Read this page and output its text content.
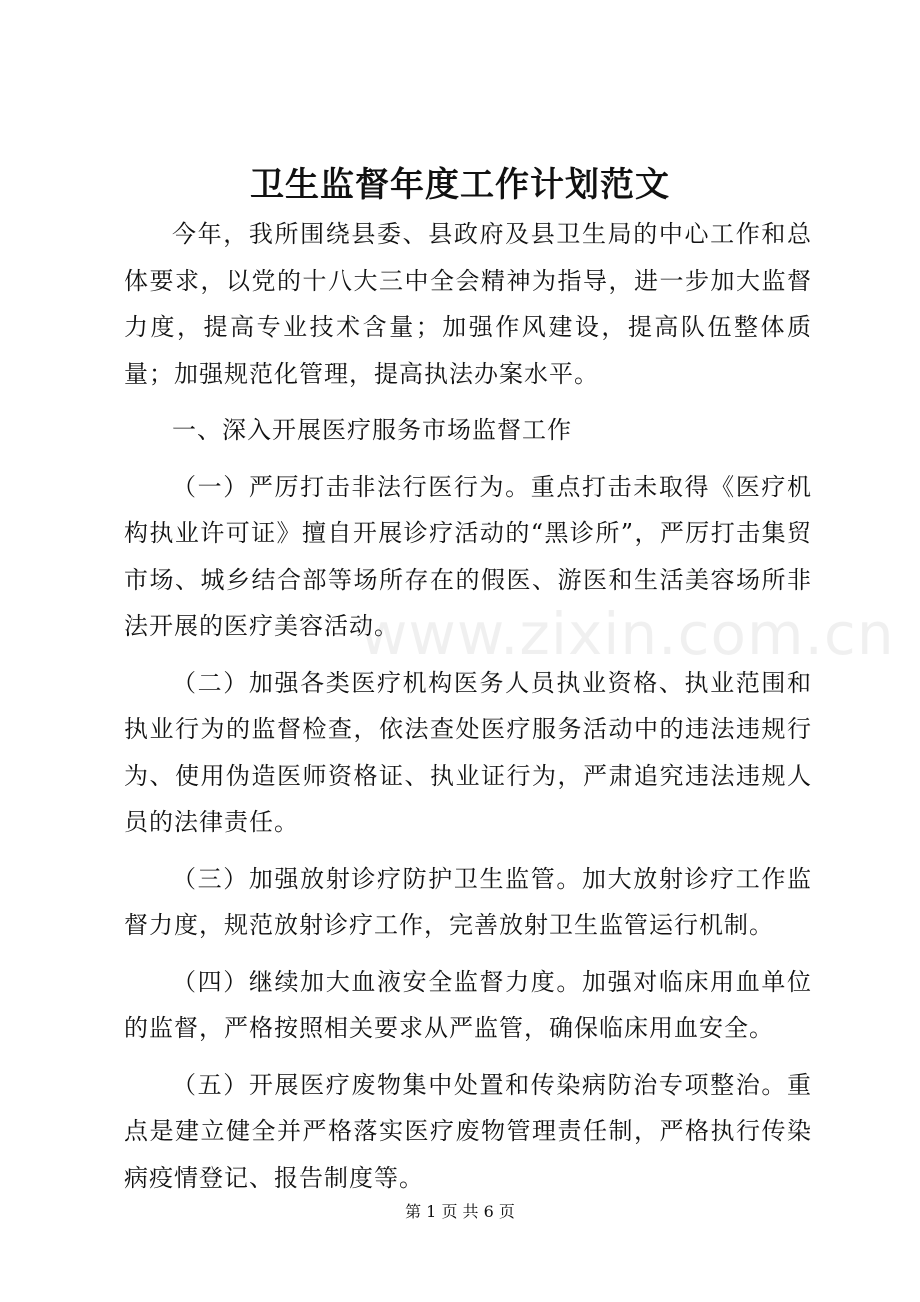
卫生监督年度工作计划范文

今年，我所围绕县委、县政府及县卫生局的中心工作和总体要求，以党的十八大三中全会精神为指导，进一步加大监督力度，提高专业技术含量；加强作风建设，提高队伍整体质量；加强规范化管理，提高执法办案水平。

一、深入开展医疗服务市场监督工作

（一）严厉打击非法行医行为。重点打击未取得《医疗机构执业许可证》擅自开展诊疗活动的“黑诊所”，严厉打击集贸市场、城乡结合部等场所存在的假医、游医和生活美容场所非法开展的医疗美容活动。

（二）加强各类医疗机构医务人员执业资格、执业范围和执业行为的监督检查，依法查处医疗服务活动中的违法违规行为、使用伪造医师资格证、执业证行为，严肃追究违法违规人员的法律责任。

（三）加强放射诊疗防护卫生监管。加大放射诊疗工作监督力度，规范放射诊疗工作，完善放射卫生监管运行机制。

（四）继续加大血液安全监督力度。加强对临床用血单位的监督，严格按照相关要求从严监管，确保临床用血安全。

（五）开展医疗废物集中处置和传染病防治专项整治。重点是建立健全并严格落实医疗废物管理责任制，严格执行传染病疫情登记、报告制度等。

www.zixin.com.cn
第 1 页 共 6 页
